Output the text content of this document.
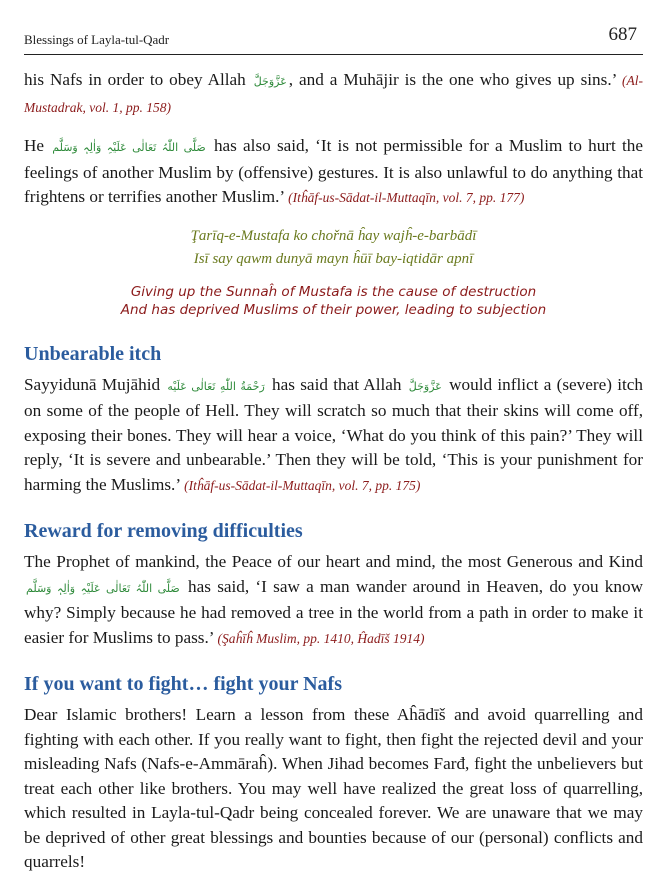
Blessings of Layla-tul-Qadr	687

his Nafs in order to obey Allah عَزَّوَجَلَّ , and a Muhājir is the one who gives up sins.’ (Al-Mustadrak, vol. 1, pp. 158)

He صَلَّی اللّٰہُ تَعَالٰی عَلَیْہِ وَاٰلِہٖ وَسَلَّم has also said, ‘It is not permissible for a Muslim to hurt the feelings of another Muslim by (offensive) gestures. It is also unlawful to do anything that frightens or terrifies another Muslim.’ (Itĥāf-us-Sādat-il-Muttaqīn, vol. 7, pp. 177)

Ţarīq-e-Mustafa ko chořnā ĥay wajĥ-e-barbādī
Isī say qawm dunyā mayn ĥūī bay-iqtidār apnī
Giving up the Sunnaĥ of Mustafa is the cause of destruction
And has deprived Muslims of their power, leading to subjection
Unbearable itch

Sayyidunā Mujāhid رَحْمَةُ اللّٰهِ تَعَالٰی عَلَيْه has said that Allah عَزَّوَجَلَّ would inflict a (severe) itch on some of the people of Hell. They will scratch so much that their skins will come off, exposing their bones. They will hear a voice, ‘What do you think of this pain?’ They will reply, ‘It is severe and unbearable.’ Then they will be told, ‘This is your punishment for harming the Muslims.’ (Itĥāf-us-Sādat-il-Muttaqīn, vol. 7, pp. 175)

Reward for removing difficulties

The Prophet of mankind, the Peace of our heart and mind, the most Generous and Kind صَلَّی اللّٰہُ تَعَالٰی عَلَیْہِ وَاٰلِہٖ وَسَلَّم has said, ‘I saw a man wander around in Heaven, do you know why? Simply because he had removed a tree in the world from a path in order to make it easier for Muslims to pass.’ (Şaĥīĥ Muslim, pp. 1410, Ĥadīš 1914)

If you want to fight… fight your Nafs

Dear Islamic brothers! Learn a lesson from these Aĥādīš and avoid quarrelling and fighting with each other. If you really want to fight, then fight the rejected devil and your misleading Nafs (Nafs-e-Ammāraĥ). When Jihad becomes Farđ, fight the unbelievers but treat each other like brothers. You may well have realized the great loss of quarrelling, which resulted in Layla-tul-Qadr being concealed forever. We are unaware that we may be deprived of other great blessings and bounties because of our (personal) conflicts and quarrels!
